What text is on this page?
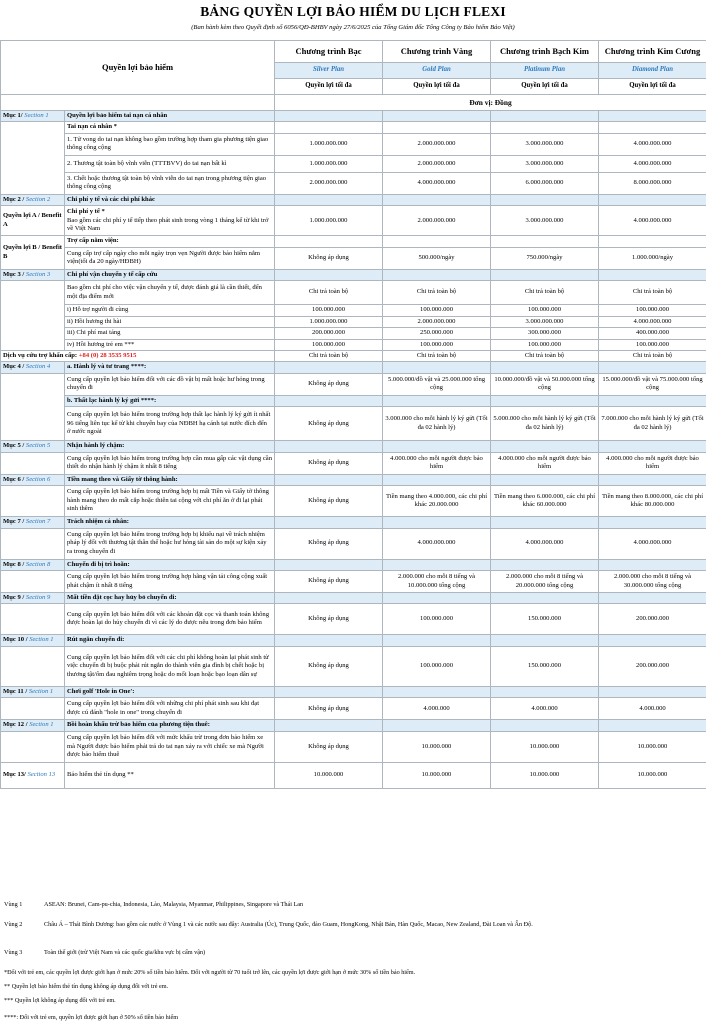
BẢNG QUYỀN LỢI BẢO HIỂM DU LỊCH FLEXI
(Ban hành kèm theo Quyết định số 6056/QĐ-BHBV ngày 27/6/2025 của Tổng Giám đốc Tổng Công ty Bảo hiểm Bảo Việt)
Quyền lợi bảo hiểm		Chương trình Bạc	Chương trình Vàng	Chương trình Bạch Kim	Chương trình Kim Cương
		Silver Plan	Gold Plan	Platinum Plan	Diamond Plan
		Quyền lợi tối đa	Quyền lợi tối đa	Quyền lợi tối đa	Quyền lợi tối đa
		Đơn vị: Đồng			
Mục 1/ Section 1	Quyền lợi bảo hiểm tai nạn cá nhân				
	Tai nạn cá nhân *				
	1. Tử vong do tai nạn không bao gồm trường hợp tham gia phương tiện giao thông công cộng	1.000.000.000	2.000.000.000	3.000.000.000	4.000.000.000
	2. Thương tật toàn bộ vĩnh viễn (TTTBVV) do tai nạn bất kì	1.000.000.000	2.000.000.000	3.000.000.000	4.000.000.000
	3. Chết hoặc thương tật toàn bộ vĩnh viễn do tai nạn trong phương tiện giao thông công cộng	2.000.000.000	4.000.000.000	6.000.000.000	8.000.000.000
Mục 2 / Section 2	Chi phí y tế và các chi phí khác				
Quyền lợi A / Benefit A	Chi phí y tế *
Bao gồm các chi phí y tế tiếp theo phát sinh trong vòng 1 tháng kể từ khi trở về Việt Nam	1.000.000.000	2.000.000.000	3.000.000.000	4.000.000.000
Quyền lợi B / Benefit B	Trợ cấp nằm viện:				
	Cung cấp trợ cấp ngày cho mỗi ngày trọn vẹn Người được bảo hiểm nằm viện(tối đa 20 ngày/HĐBH)	Không áp dụng	500.000/ngày	750.000/ngày	1.000.000/ngày
Mục 3 / Section 3	Chi phí vận chuyển y tế cấp cứu				
	Bao gồm chi phí cho việc vận chuyển y tế, được đánh giá là cần thiết, đến một địa điểm mới	Chi trả toàn bộ	Chi trả toàn bộ	Chi trả toàn bộ	Chi trả toàn bộ
	i) Hỗ trợ người đi cùng	100.000.000	100.000.000	100.000.000	100.000.000
	ii) Hồi hương thi hài	1.000.000.000	2.000.000.000	3.000.000.000	4.000.000.000
	iii) Chi phí mai táng	200.000.000	250.000.000	300.000.000	400.000.000
	iv) Hồi hương trẻ em ***	100.000.000	100.000.000	100.000.000	100.000.000
Dịch vụ cứu trợ khẩn cấp: +84 (0) 28 3535 9515		Chi trả toàn bộ	Chi trả toàn bộ	Chi trả toàn bộ	Chi trả toàn bộ
Mục 4 / Section 4	a. Hành lý và tư trang ****:				
	Cung cấp quyền lợi bảo hiểm đối với các đồ vật bị mất hoặc hư hỏng trong chuyến đi	Không áp dụng	5.000.000/đồ vật và 25.000.000 tổng cộng	10.000.000/đồ vật và 50.000.000 tổng cộng	15.000.000/đồ vật và 75.000.000 tổng cộng
	b. Thất lạc hành lý ký gửi ****:				
	Cung cấp quyền lợi bảo hiểm trong trường hợp thất lạc hành lý ký gửi ít nhất 96 tiếng liên tục kể từ khi chuyến bay của NĐBH hạ cánh tại nước đích đến ở nước ngoài	Không áp dụng	3.000.000 cho mỗi hành lý ký gửi (Tối đa 02 hành lý)	5.000.000 cho mỗi hành lý ký gửi (Tối đa 02 hành lý)	7.000.000 cho mỗi hành lý ký gửi (Tối đa 02 hành lý)
Mục 5 / Section 5	Nhận hành lý chậm:				
	Cung cấp quyền lợi bảo hiểm trong trường hợp cần mua gấp các vật dụng cần thiết do nhận hành lý chậm ít nhất 8 tiếng	Không áp dụng	4.000.000 cho mỗi người được bảo hiểm	4.000.000 cho mỗi người được bảo hiểm	4.000.000 cho mỗi người được bảo hiểm
Mục 6 / Section 6	Tiền mang theo và Giấy tờ thông hành:				
	Cung cấp quyền lợi bảo hiểm trong trường hợp bị mất Tiền và Giấy tờ thông hành mang theo do mất cắp hoặc thiên tai cộng với chi phí ăn ở đi lại phát sinh thêm	Không áp dụng	Tiền mang theo 4.000.000, các chi phí khác 20.000.000	Tiền mang theo 6.000.000, các chi phí khác 60.000.000	Tiền mang theo 8.000.000, các chi phí khác 80.000.000
Mục 7 / Section 7	Trách nhiệm cá nhân:				
	Cung cấp quyền lợi bảo hiểm trong trường hợp bị khiếu nại về trách nhiệm pháp lý đối với thương tật thân thể hoặc hư hỏng tài sản do một sự kiện xảy ra trong chuyến đi	Không áp dụng	4.000.000.000	4.000.000.000	4.000.000.000
Mục 8 / Section 8	Chuyến đi bị trì hoãn:				
	Cung cấp quyền lợi bảo hiểm trong trường hợp hãng vận tải công cộng xuất phát chậm ít nhất 8 tiếng	Không áp dụng	2.000.000 cho mỗi 8 tiếng và 10.000.000 tổng cộng	2.000.000 cho mỗi 8 tiếng và 20.000.000 tổng cộng	2.000.000 cho mỗi 8 tiếng và 30.000.000 tổng cộng
Mục 9 / Section 9	Mất tiền đặt cọc hay hủy bỏ chuyến đi:				
	Cung cấp quyền lợi bảo hiểm đối với các khoản đặt cọc và thanh toán không được hoàn lại do hủy chuyến đi vì các lý do được nêu trong đơn bảo hiểm	Không áp dụng	100.000.000	150.000.000	200.000.000
Mục 10 / Section 1	Rút ngắn chuyến đi:				
	Cung cấp quyền lợi bảo hiểm đối với các chi phí không hoàn lại phát sinh từ việc chuyến đi bị buộc phải rút ngắn do thành viên gia đình bị chết hoặc bị thương tật/ốm đau nghiêm trọng hoặc do mối loạn hoặc bạo loạn dân sự	Không áp dụng	100.000.000	150.000.000	200.000.000
Mục 11 / Section 1	Chơi golf 'Hole in One':				
	Cung cấp quyền lợi bảo hiểm đối với những chi phí phát sinh sau khi đạt được cú đánh "hole in one" trong chuyến đi	Không áp dụng	4.000.000	4.000.000	4.000.000
Mục 12 / Section 1	Bồi hoàn khấu trừ bảo hiểm của phương tiện thuê:				
	Cung cấp quyền lợi bảo hiểm đối với mức khấu trừ trong đơn bảo hiểm xe mà Người được bảo hiểm phải trả do tai nạn xảy ra với chiếc xe mà Người được bảo hiểm thuê	Không áp dụng	10.000.000	10.000.000	10.000.000
Mục 13/ Section 13	Bảo hiểm thẻ tín dụng **	10.000.000	10.000.000	10.000.000	10.000.000
Vùng 1	ASEAN: Brunei, Cam-pu-chia, Indonesia, Lào, Malaysia, Myanmar, Philippines, Singapore và Thái Lan
Vùng 2	Châu Á – Thái Bình Dương: bao gồm các nước ở Vùng 1 và các nước sau đây: Australia (Úc), Trung Quốc, đảo Guam, HongKong, Nhật Bản, Hàn Quốc, Macao, New Zealand, Đài Loan và Ấn Độ.
Vùng 3	Toàn thế giới (trừ Việt Nam và các quốc gia/khu vực bị cấm vận)
*Đối với trẻ em, các quyền lợi được giới hạn ở mức 20% số tiền bảo hiểm. Đối với người từ 70 tuổi trở lên, các quyền lợi được giới hạn ở mức 30% số tiền bảo hiểm.
** Quyền lợi bảo hiểm thẻ tín dụng không áp dụng đối với trẻ em.
*** Quyền lợi không áp dụng đối với trẻ em.
****: Đối với trẻ em, quyền lợi được giới hạn ở 50% số tiền bảo hiểm
